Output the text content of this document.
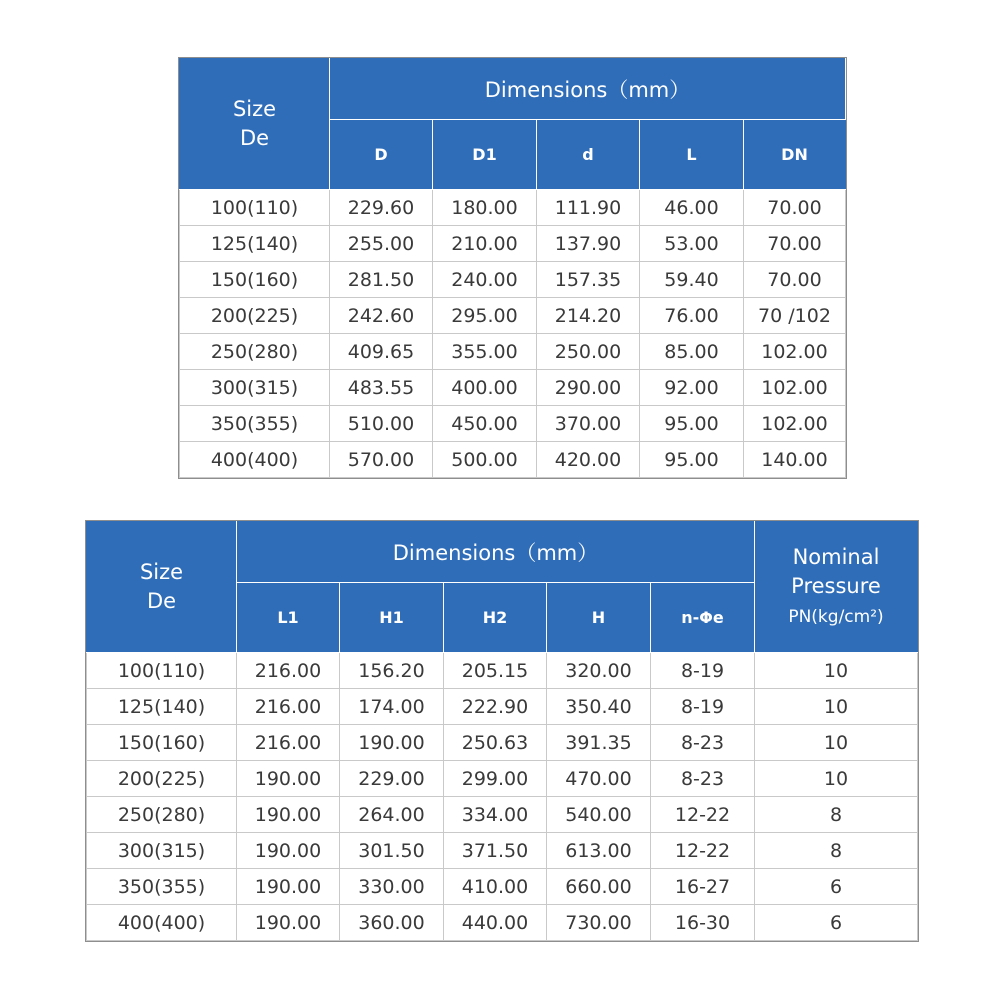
Size
De	Dimensions（mm）				
	D	D1	d	L	DN
100(110)	229.60	180.00	111.90	46.00	70.00
125(140)	255.00	210.00	137.90	53.00	70.00
150(160)	281.50	240.00	157.35	59.40	70.00
200(225)	242.60	295.00	214.20	76.00	70 /102
250(280)	409.65	355.00	250.00	85.00	102.00
300(315)	483.55	400.00	290.00	92.00	102.00
350(355)	510.00	450.00	370.00	95.00	102.00
400(400)	570.00	500.00	420.00	95.00	140.00
Size
De	Dimensions（mm）					Nominal
Pressure
PN(kg/cm²)
	L1	H1	H2	H	n-Φe	
100(110)	216.00	156.20	205.15	320.00	8-19	10
125(140)	216.00	174.00	222.90	350.40	8-19	10
150(160)	216.00	190.00	250.63	391.35	8-23	10
200(225)	190.00	229.00	299.00	470.00	8-23	10
250(280)	190.00	264.00	334.00	540.00	12-22	8
300(315)	190.00	301.50	371.50	613.00	12-22	8
350(355)	190.00	330.00	410.00	660.00	16-27	6
400(400)	190.00	360.00	440.00	730.00	16-30	6
